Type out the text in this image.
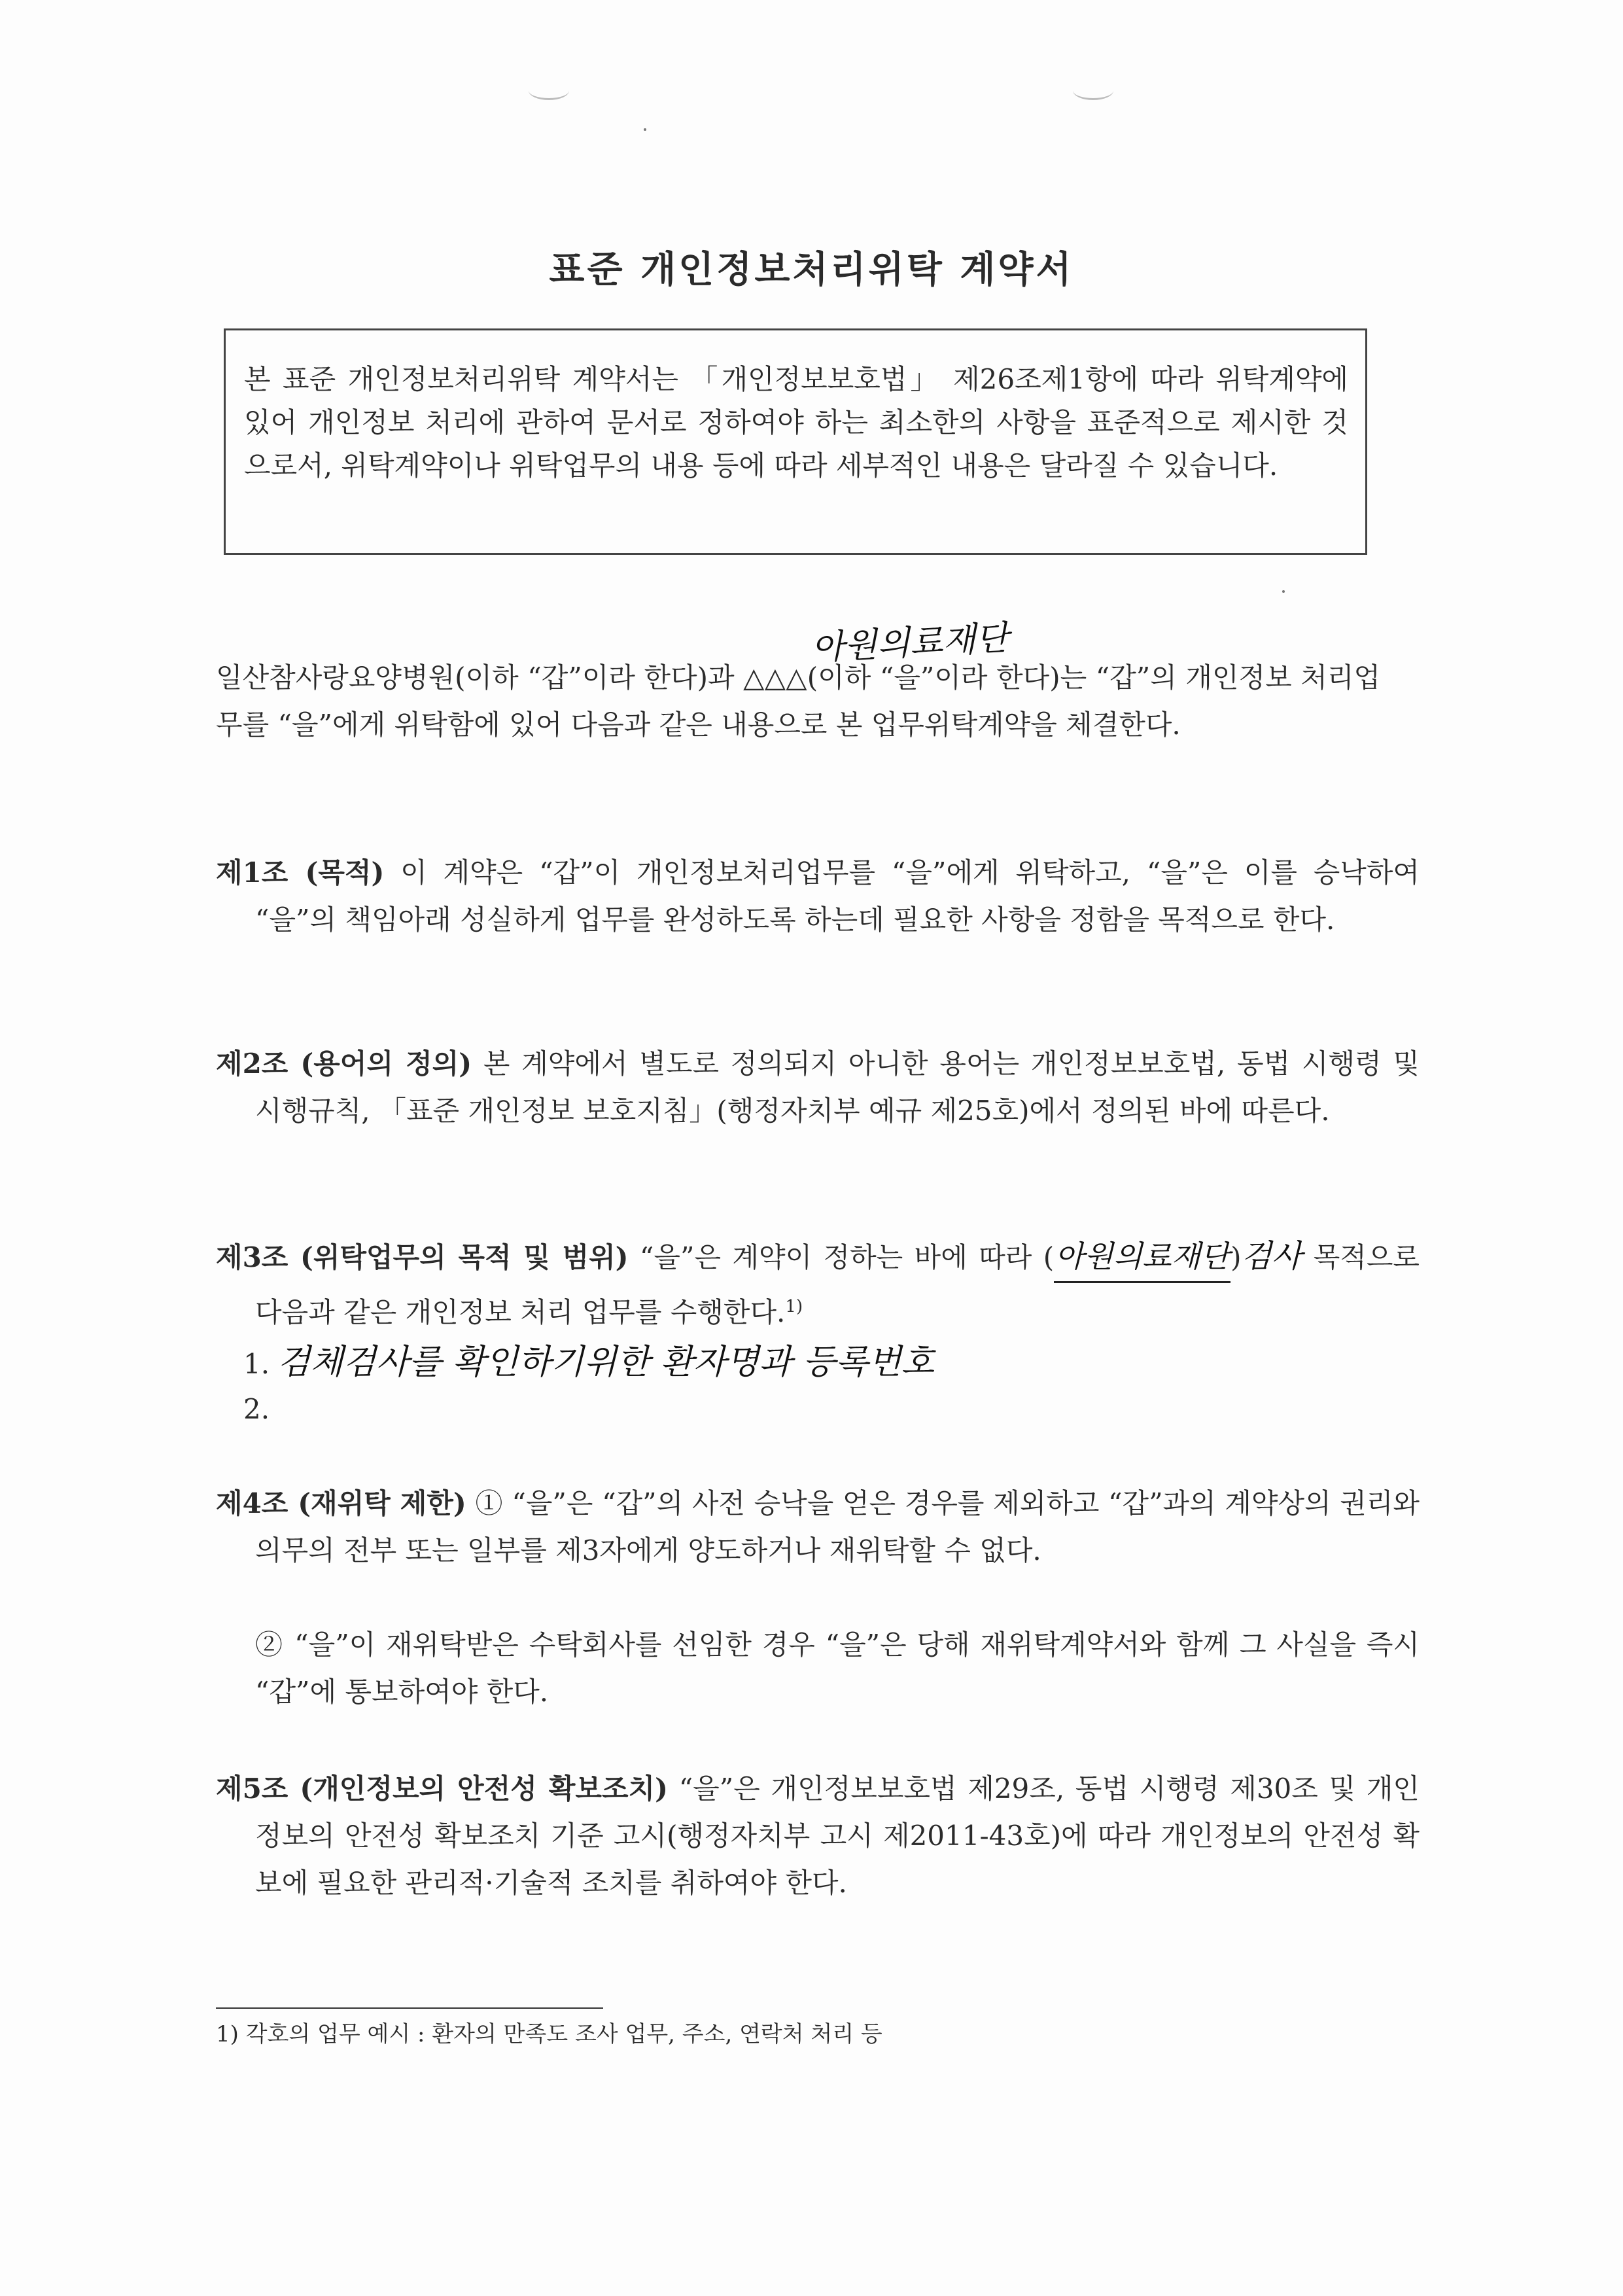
표준 개인정보처리위탁 계약서
본 표준 개인정보처리위탁 계약서는 「개인정보보호법」 제26조제1항에 따라 위탁계약에 있어 개인정보 처리에 관하여 문서로 정하여야 하는 최소한의 사항을 표준적으로 제시한 것으로서, 위탁계약이나 위탁업무의 내용 등에 따라 세부적인 내용은 달라질 수 있습니다.
아원의료재단
일산참사랑요양병원(이하 “갑”이라 한다)과 △△△(이하 “을”이라 한다)는 “갑”의 개인정보 처리업무를 “을”에게 위탁함에 있어 다음과 같은 내용으로 본 업무위탁계약을 체결한다.
제1조 (목적) 이 계약은 “갑”이 개인정보처리업무를 “을”에게 위탁하고, “을”은 이를 승낙하여 “을”의 책임아래 성실하게 업무를 완성하도록 하는데 필요한 사항을 정함을 목적으로 한다.
제2조 (용어의 정의) 본 계약에서 별도로 정의되지 아니한 용어는 개인정보보호법, 동법 시행령 및 시행규칙, 「표준 개인정보 보호지침」(행정자치부 예규 제25호)에서 정의된 바에 따른다.
제3조 (위탁업무의 목적 및 범위) “을”은 계약이 정하는 바에 따라 (아원의료재단)검사 목적으로 다음과 같은 개인정보 처리 업무를 수행한다.$^{1)}$
1. 검체검사를 확인하기위한 환자명과 등록번호
2.
제4조 (재위탁 제한) ① “을”은 “갑”의 사전 승낙을 얻은 경우를 제외하고 “갑”과의 계약상의 권리와 의무의 전부 또는 일부를 제3자에게 양도하거나 재위탁할 수 없다.
② “을”이 재위탁받은 수탁회사를 선임한 경우 “을”은 당해 재위탁계약서와 함께 그 사실을 즉시 “갑”에 통보하여야 한다.
제5조 (개인정보의 안전성 확보조치) “을”은 개인정보보호법 제29조, 동법 시행령 제30조 및 개인정보의 안전성 확보조치 기준 고시(행정자치부 고시 제2011-43호)에 따라 개인정보의 안전성 확보에 필요한 관리적·기술적 조치를 취하여야 한다.
1) 각호의 업무 예시 : 환자의 만족도 조사 업무, 주소, 연락처 처리 등
